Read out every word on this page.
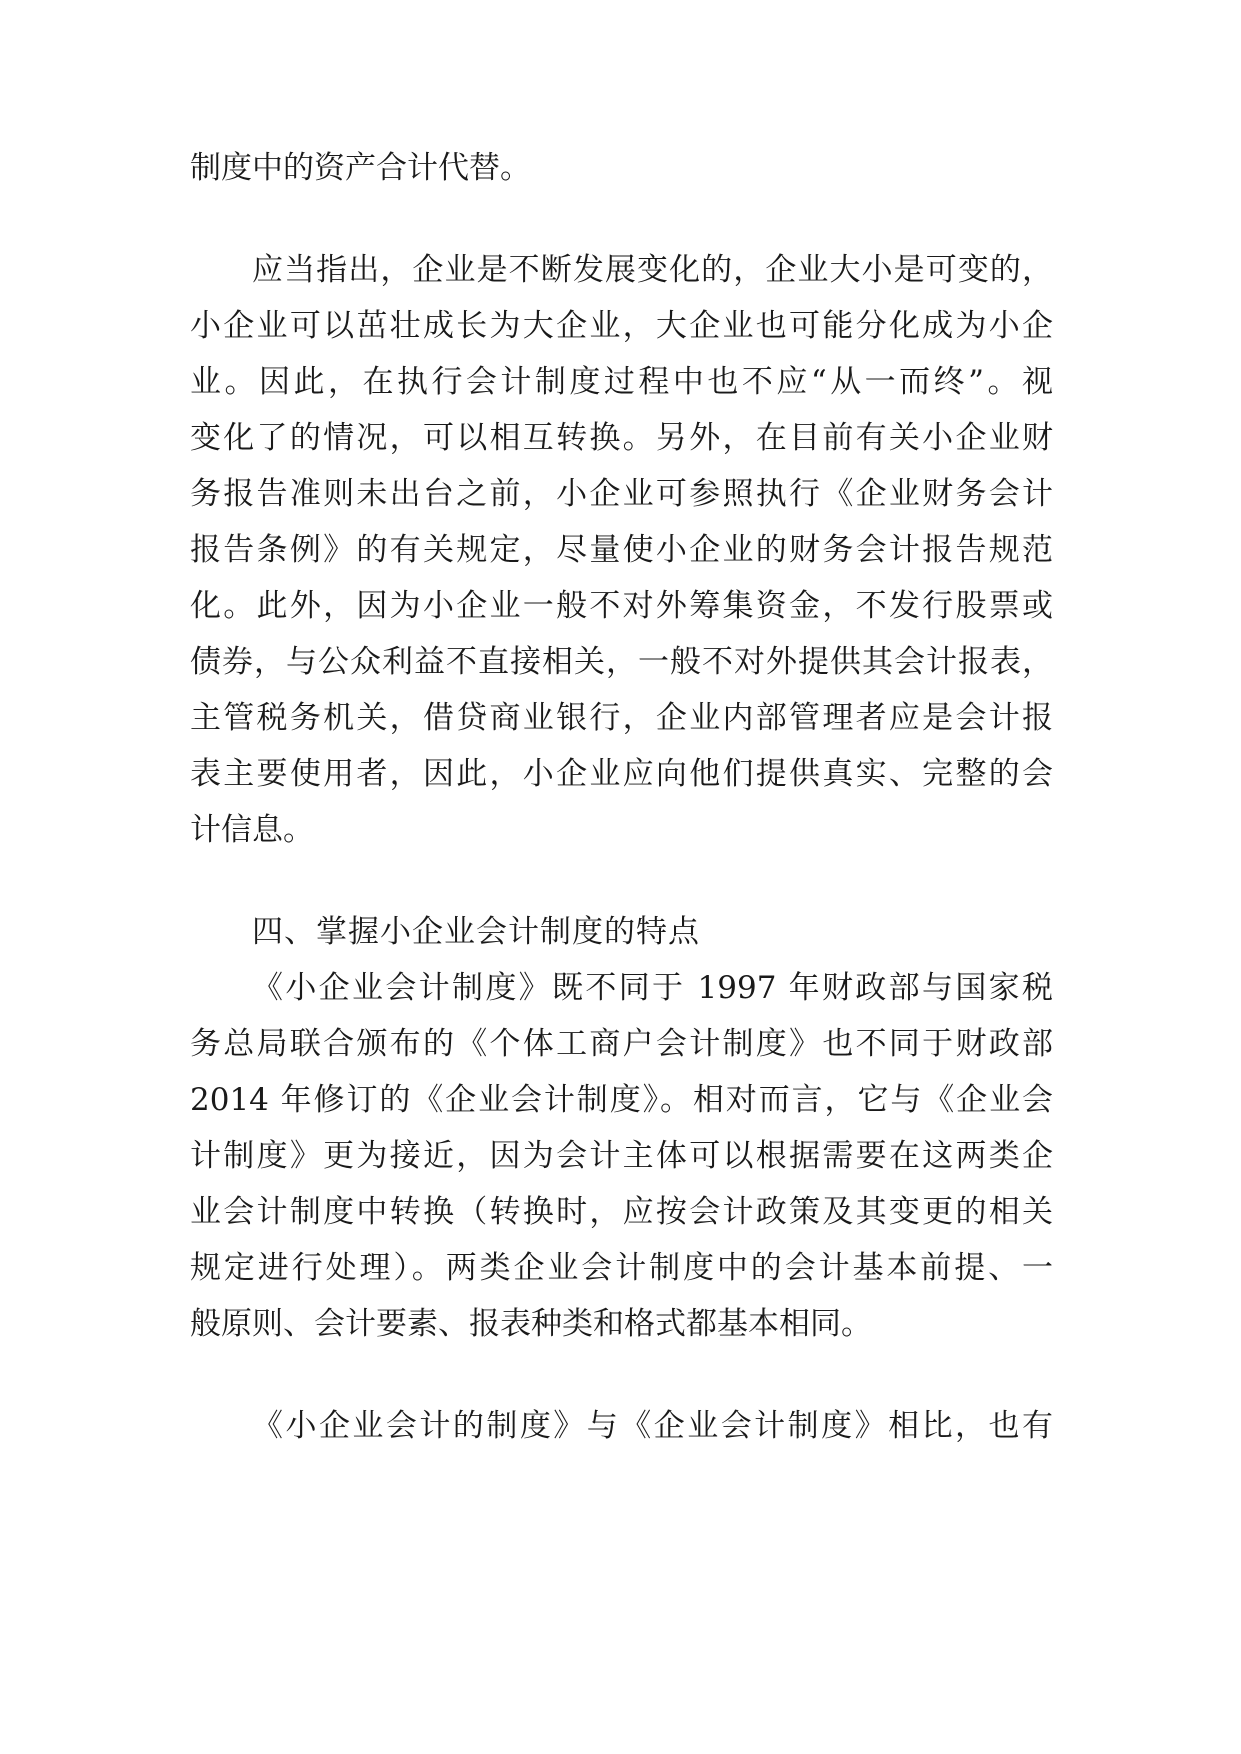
制度中的资产合计代替。

应当指出，企业是不断发展变化的，企业大小是可变的，

小企业可以茁壮成长为大企业，大企业也可能分化成为小企

业。因此，在执行会计制度过程中也不应“从一而终”。视

变化了的情况，可以相互转换。另外，在目前有关小企业财

务报告准则未出台之前，小企业可参照执行《企业财务会计

报告条例》的有关规定，尽量使小企业的财务会计报告规范

化。此外，因为小企业一般不对外筹集资金，不发行股票或

债券，与公众利益不直接相关，一般不对外提供其会计报表，

主管税务机关，借贷商业银行，企业内部管理者应是会计报

表主要使用者，因此，小企业应向他们提供真实、完整的会

计信息。

四、掌握小企业会计制度的特点

《小企业会计制度》既不同于 1997 年财政部与国家税

务总局联合颁布的《个体工商户会计制度》也不同于财政部

2014 年修订的《企业会计制度》。相对而言，它与《企业会

计制度》更为接近，因为会计主体可以根据需要在这两类企

业会计制度中转换（转换时，应按会计政策及其变更的相关

规定进行处理）。两类企业会计制度中的会计基本前提、一

般原则、会计要素、报表种类和格式都基本相同。

《小企业会计的制度》与《企业会计制度》相比，也有
